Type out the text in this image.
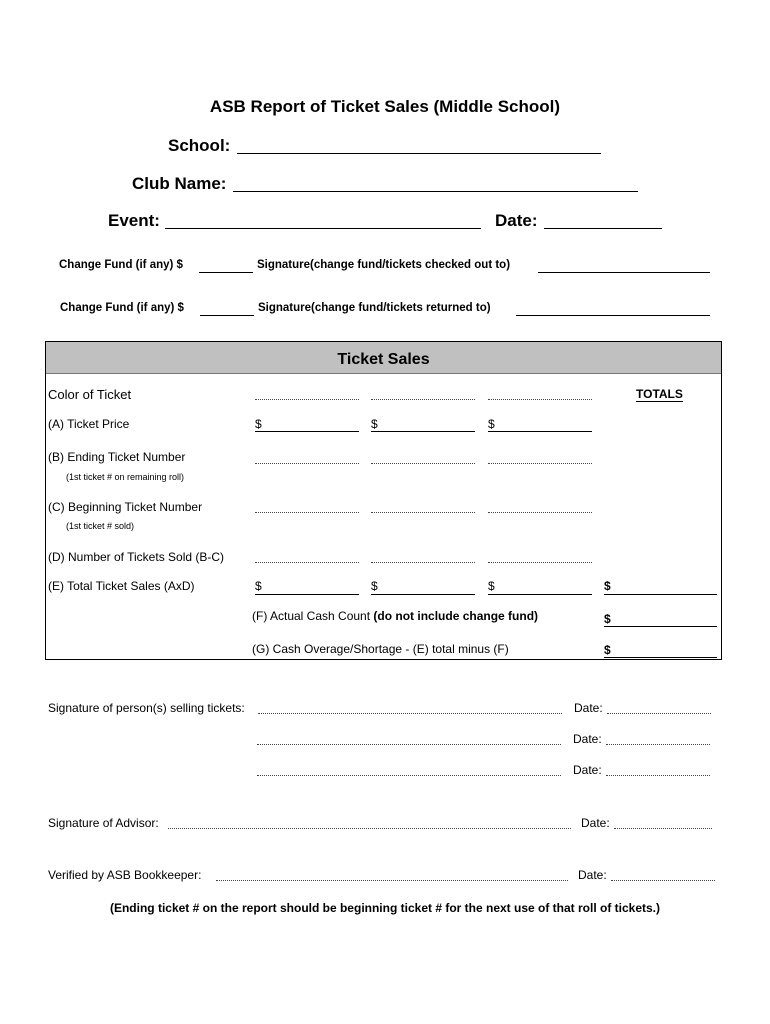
ASB Report of Ticket Sales (Middle School)
School:
Club Name:
Event:	Date:
Change Fund (if any) $	Signature(change fund/tickets checked out to)
Change Fund (if any) $	Signature(change fund/tickets returned to)
Ticket Sales
Color of Ticket	TOTALS
(A) Ticket Price	$	$	$
(B) Ending Ticket Number
(1st ticket # on remaining roll)
(C) Beginning Ticket Number
(1st ticket # sold)
(D) Number of Tickets Sold (B-C)
(E) Total Ticket Sales (AxD)	$	$	$	$
(F) Actual Cash Count (do not include change fund)	$
(G) Cash Overage/Shortage - (E) total minus (F)	$
Signature of person(s) selling tickets:	Date:
Date:
Date:
Signature of Advisor:	Date:
Verified by ASB Bookkeeper:	Date:
(Ending ticket # on the report should be beginning ticket # for the next use of that roll of tickets.)
